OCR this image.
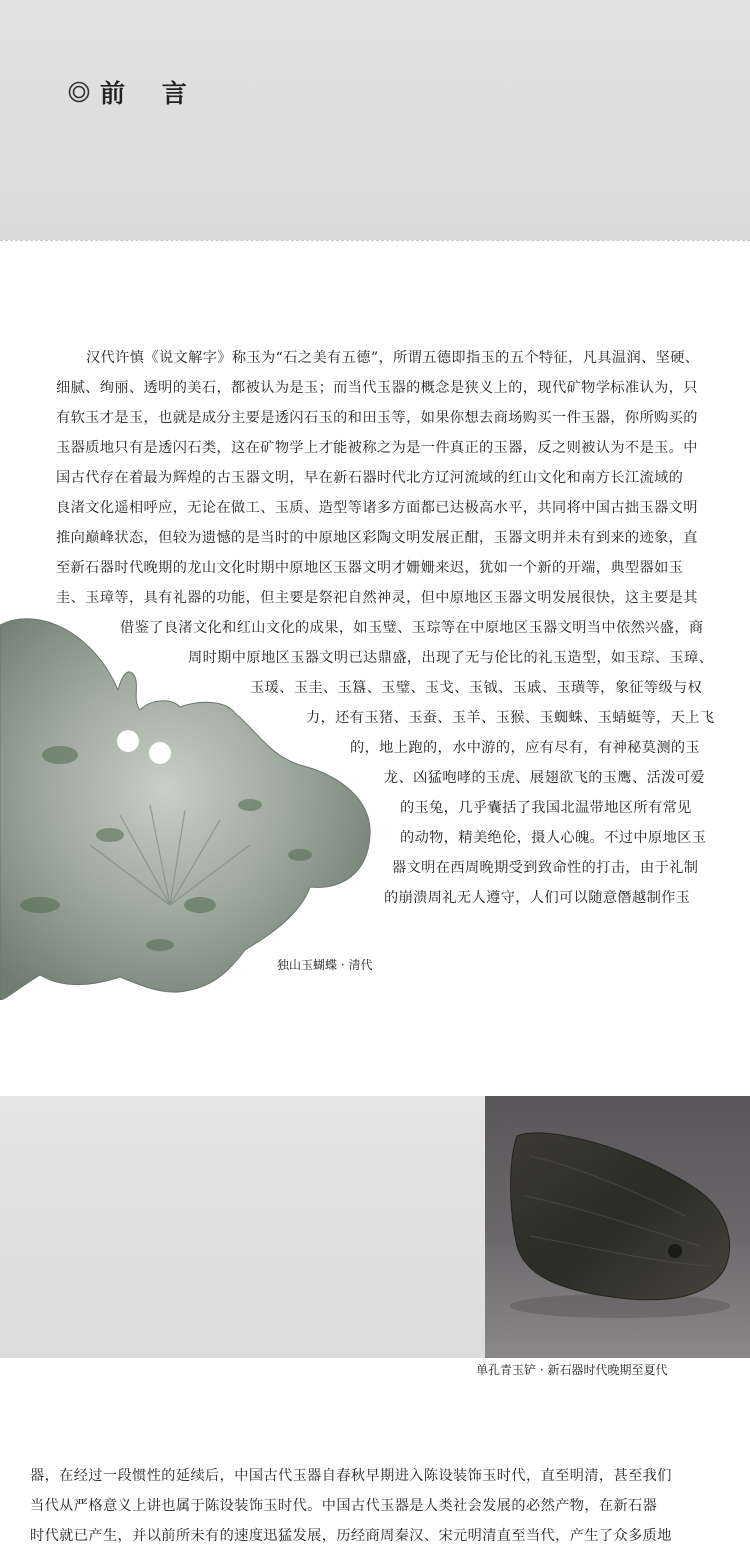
前 言
汉代许慎《说文解字》称玉为“石之美有五德”，所谓五德即指玉的五个特征，凡具温润、坚硬、
细腻、绚丽、透明的美石，都被认为是玉；而当代玉器的概念是狭义上的，现代矿物学标准认为，只
有软玉才是玉，也就是成分主要是透闪石玉的和田玉等，如果你想去商场购买一件玉器，你所购买的
玉器质地只有是透闪石类，这在矿物学上才能被称之为是一件真正的玉器，反之则被认为不是玉。中
国古代存在着最为辉煌的古玉器文明，早在新石器时代北方辽河流域的红山文化和南方长江流域的
良渚文化遥相呼应，无论在做工、玉质、造型等诸多方面都已达极高水平，共同将中国古拙玉器文明
推向巅峰状态，但较为遗憾的是当时的中原地区彩陶文明发展正酣，玉器文明并未有到来的迹象，直
至新石器时代晚期的龙山文化时期中原地区玉器文明才姗姗来迟，犹如一个新的开端，典型器如玉
圭、玉璋等，具有礼器的功能，但主要是祭祀自然神灵，但中原地区玉器文明发展很快，这主要是其
借鉴了良渚文化和红山文化的成果，如玉璧、玉琮等在中原地区玉器文明当中依然兴盛，商
周时期中原地区玉器文明已达鼎盛，出现了无与伦比的礼玉造型，如玉琮、玉璋、
玉瑗、玉圭、玉簋、玉璧、玉戈、玉钺、玉戚、玉璜等，象征等级与权
力，还有玉猪、玉蚕、玉羊、玉猴、玉蜘蛛、玉蜻蜓等，天上飞
的，地上跑的，水中游的，应有尽有，有神秘莫测的玉
龙、凶猛咆哮的玉虎、展翅欲飞的玉鹰、活泼可爱
的玉兔，几乎囊括了我国北温带地区所有常见
的动物，精美绝伦，摄人心魄。不过中原地区玉
器文明在西周晚期受到致命性的打击，由于礼制
的崩溃周礼无人遵守，人们可以随意僭越制作玉
独山玉蝴蝶 · 清代
单孔青玉铲 · 新石器时代晚期至夏代
器，在经过一段惯性的延续后，中国古代玉器自春秋早期进入陈设装饰玉时代，直至明清，甚至我们
当代从严格意义上讲也属于陈设装饰玉时代。中国古代玉器是人类社会发展的必然产物，在新石器
时代就已产生，并以前所未有的速度迅猛发展，历经商周秦汉、宋元明清直至当代，产生了众多质地
